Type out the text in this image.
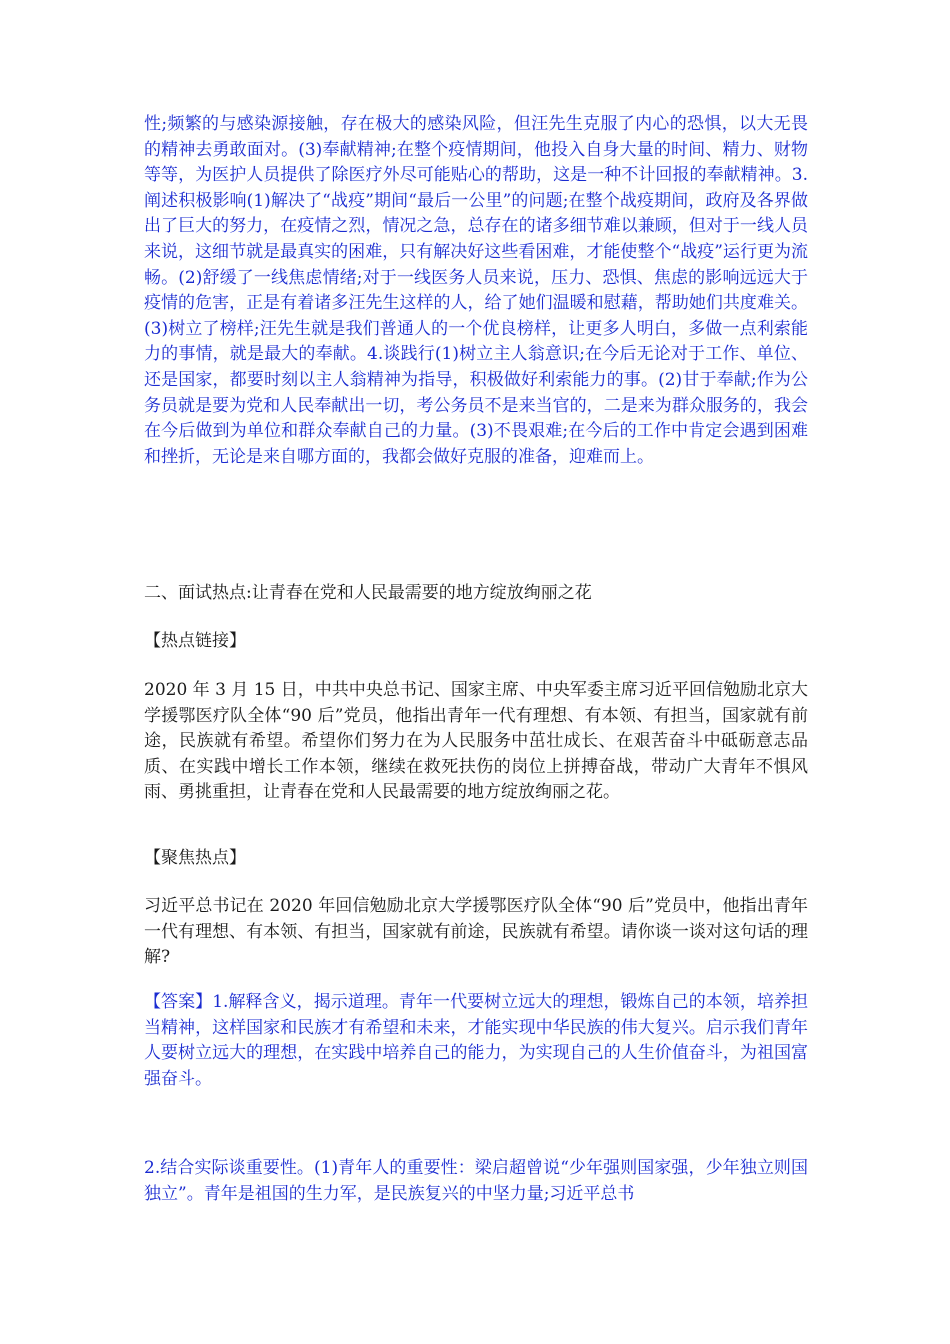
性;频繁的与感染源接触，存在极大的感染风险，但汪先生克服了内心的恐惧，以大无畏的精神去勇敢面对。(3)奉献精神;在整个疫情期间，他投入自身大量的时间、精力、财物等等，为医护人员提供了除医疗外尽可能贴心的帮助，这是一种不计回报的奉献精神。3.阐述积极影响(1)解决了“战疫”期间“最后一公里”的问题;在整个战疫期间，政府及各界做出了巨大的努力，在疫情之烈，情况之急，总存在的诸多细节难以兼顾，但对于一线人员来说，这细节就是最真实的困难，只有解决好这些看困难，才能使整个“战疫”运行更为流畅。(2)舒缓了一线焦虑情绪;对于一线医务人员来说，压力、恐惧、焦虑的影响远远大于疫情的危害，正是有着诸多汪先生这样的人，给了她们温暖和慰藉，帮助她们共度难关。(3)树立了榜样;汪先生就是我们普通人的一个优良榜样，让更多人明白，多做一点利索能力的事情，就是最大的奉献。4.谈践行(1)树立主人翁意识;在今后无论对于工作、单位、还是国家，都要时刻以主人翁精神为指导，积极做好利索能力的事。(2)甘于奉献;作为公务员就是要为党和人民奉献出一切，考公务员不是来当官的，二是来为群众服务的，我会在今后做到为单位和群众奉献自己的力量。(3)不畏艰难;在今后的工作中肯定会遇到困难和挫折，无论是来自哪方面的，我都会做好克服的准备，迎难而上。

二、面试热点:让青春在党和人民最需要的地方绽放绚丽之花

【热点链接】

2020 年 3 月 15 日，中共中央总书记、国家主席、中央军委主席习近平回信勉励北京大学援鄂医疗队全体“90 后”党员，他指出青年一代有理想、有本领、有担当，国家就有前途，民族就有希望。希望你们努力在为人民服务中茁壮成长、在艰苦奋斗中砥砺意志品质、在实践中增长工作本领，继续在救死扶伤的岗位上拼搏奋战，带动广大青年不惧风雨、勇挑重担，让青春在党和人民最需要的地方绽放绚丽之花。

【聚焦热点】

习近平总书记在 2020 年回信勉励北京大学援鄂医疗队全体“90 后”党员中，他指出青年一代有理想、有本领、有担当，国家就有前途，民族就有希望。请你谈一谈对这句话的理解?

【答案】1.解释含义，揭示道理。青年一代要树立远大的理想，锻炼自己的本领，培养担当精神，这样国家和民族才有希望和未来，才能实现中华民族的伟大复兴。启示我们青年人要树立远大的理想，在实践中培养自己的能力，为实现自己的人生价值奋斗，为祖国富强奋斗。

2.结合实际谈重要性。(1)青年人的重要性：梁启超曾说“少年强则国家强，少年独立则国独立”。青年是祖国的生力军，是民族复兴的中坚力量;习近平总书
